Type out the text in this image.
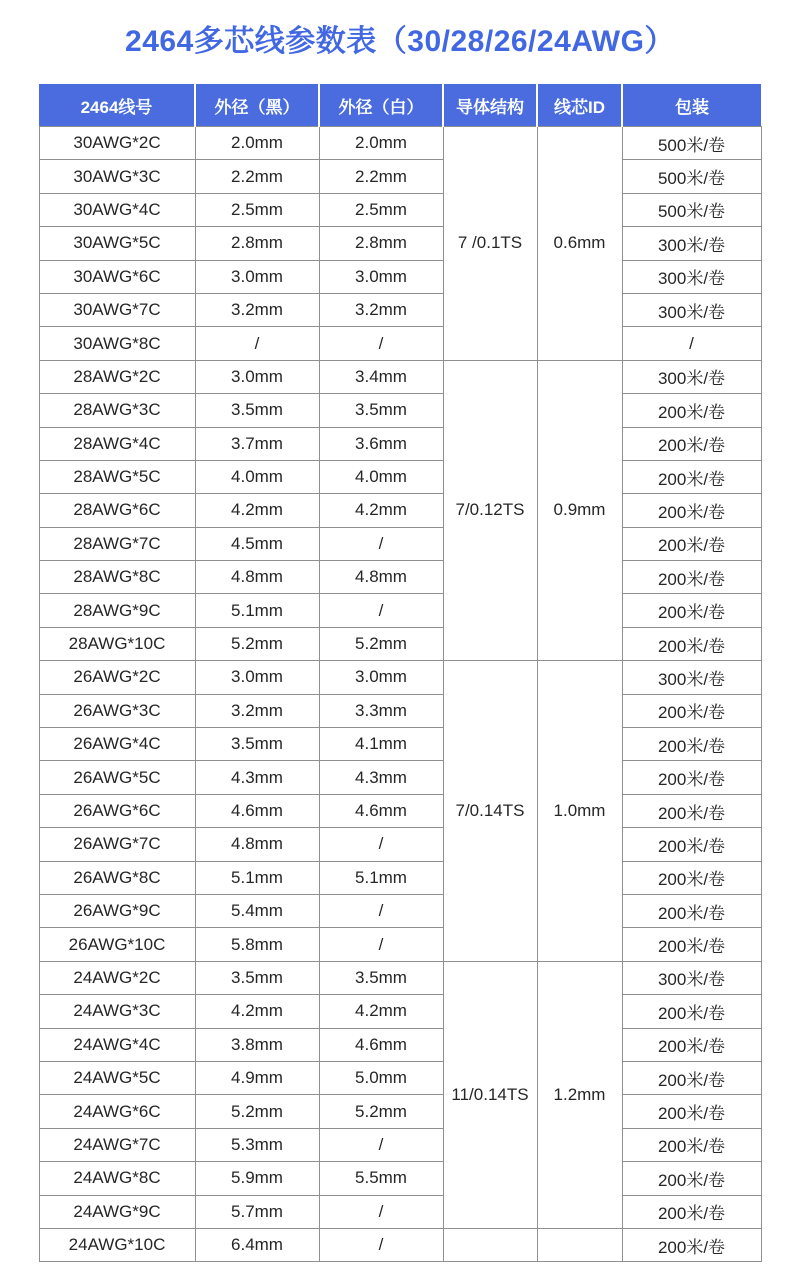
2464多芯线参数表（30/28/26/24AWG）
2464线号	外径（黑）	外径（白）	导体结构	线芯ID	包装
30AWG*2C	2.0mm	2.0mm	7 /0.1TS	0.6mm	500米/卷
30AWG*3C	2.2mm	2.2mm			500米/卷
30AWG*4C	2.5mm	2.5mm			500米/卷
30AWG*5C	2.8mm	2.8mm			300米/卷
30AWG*6C	3.0mm	3.0mm			300米/卷
30AWG*7C	3.2mm	3.2mm			300米/卷
30AWG*8C	/	/			/
28AWG*2C	3.0mm	3.4mm	7/0.12TS	0.9mm	300米/卷
28AWG*3C	3.5mm	3.5mm			200米/卷
28AWG*4C	3.7mm	3.6mm			200米/卷
28AWG*5C	4.0mm	4.0mm			200米/卷
28AWG*6C	4.2mm	4.2mm			200米/卷
28AWG*7C	4.5mm	/			200米/卷
28AWG*8C	4.8mm	4.8mm			200米/卷
28AWG*9C	5.1mm	/			200米/卷
28AWG*10C	5.2mm	5.2mm			200米/卷
26AWG*2C	3.0mm	3.0mm	7/0.14TS	1.0mm	300米/卷
26AWG*3C	3.2mm	3.3mm			200米/卷
26AWG*4C	3.5mm	4.1mm			200米/卷
26AWG*5C	4.3mm	4.3mm			200米/卷
26AWG*6C	4.6mm	4.6mm			200米/卷
26AWG*7C	4.8mm	/			200米/卷
26AWG*8C	5.1mm	5.1mm			200米/卷
26AWG*9C	5.4mm	/			200米/卷
26AWG*10C	5.8mm	/			200米/卷
24AWG*2C	3.5mm	3.5mm	11/0.14TS	1.2mm	300米/卷
24AWG*3C	4.2mm	4.2mm			200米/卷
24AWG*4C	3.8mm	4.6mm			200米/卷
24AWG*5C	4.9mm	5.0mm			200米/卷
24AWG*6C	5.2mm	5.2mm			200米/卷
24AWG*7C	5.3mm	/			200米/卷
24AWG*8C	5.9mm	5.5mm			200米/卷
24AWG*9C	5.7mm	/			200米/卷
24AWG*10C	6.4mm	/			200米/卷
